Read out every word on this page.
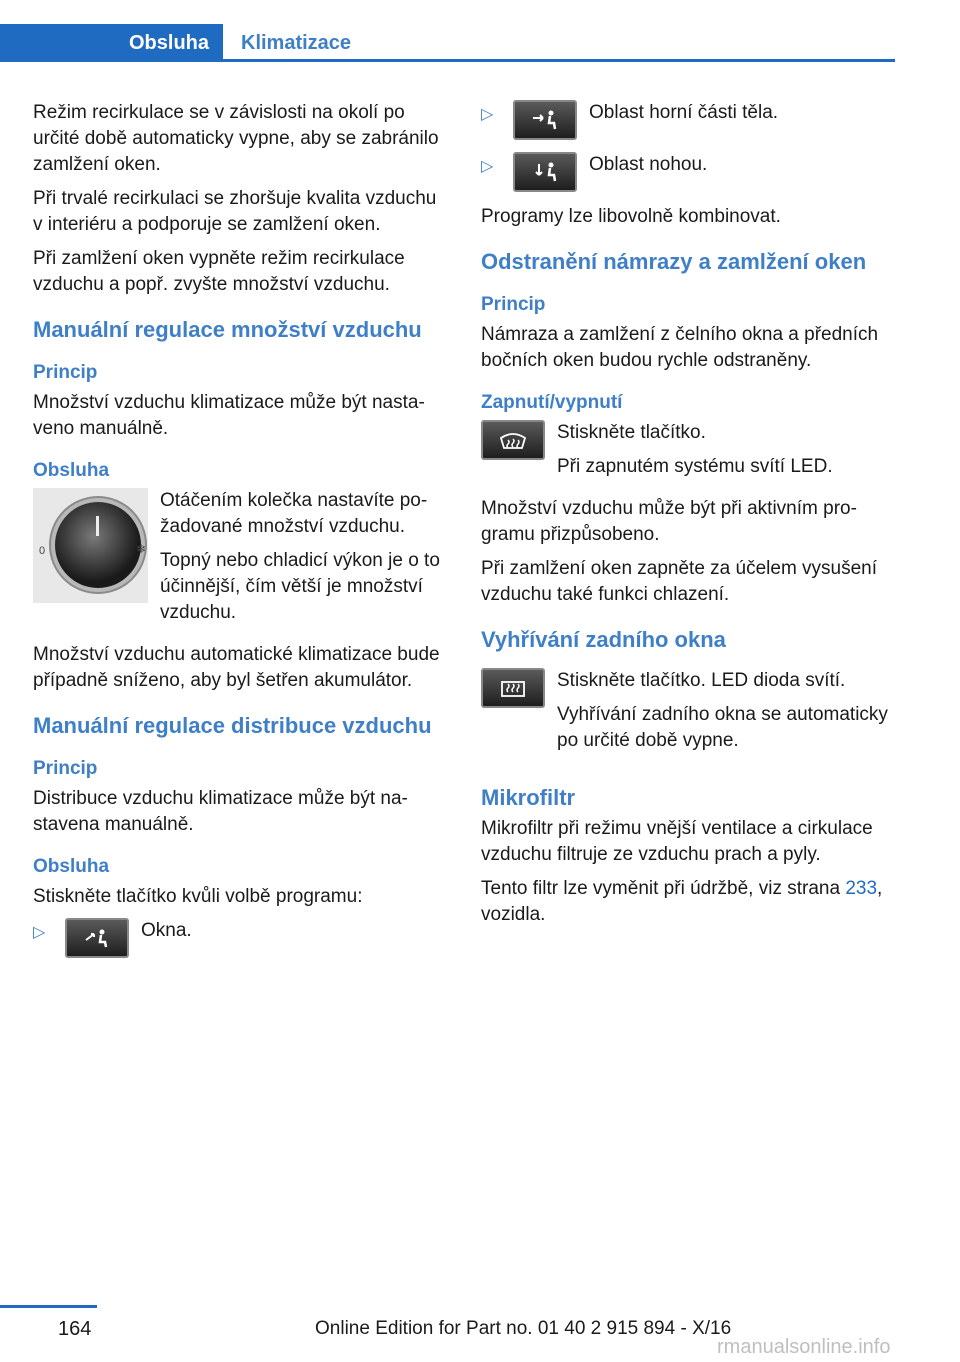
Obsluha Klimatizace

Režim recirkulace se v závislosti na okolí po určité době automaticky vypne, aby se zabránilo zamlžení oken.

Při trvalé recirkulaci se zhoršuje kvalita vzduchu v interiéru a podporuje se zamlžení oken.

Při zamlžení oken vypněte režim recirkulace vzduchu a popř. zvyšte množství vzduchu.

Manuální regulace množství vzduchu
Princip

Množství vzduchu klimatizace může být nastaveno manuálně.

Obsluha
0	❄

Otáčením kolečka nastavíte požadované množství vzduchu.

Topný nebo chladicí výkon je o to účinnější, čím větší je množství vzduchu.

Množství vzduchu automatické klimatizace bude případně sníženo, aby byl šetřen akumulátor.

Manuální regulace distribuce vzduchu
Princip

Distribuce vzduchu klimatizace může být nastavena manuálně.

Obsluha

Stiskněte tlačítko kvůli volbě programu:

▷	Okna.
▷	Oblast horní části těla.
▷	Oblast nohou.

Programy lze libovolně kombinovat.

Odstranění námrazy a zamlžení oken
Princip

Námraza a zamlžení z čelního okna a předních bočních oken budou rychle odstraněny.

Zapnutí/vypnutí

Stiskněte tlačítko.

Při zapnutém systému svítí LED.

Množství vzduchu může být při aktivním programu přizpůsobeno.

Při zamlžení oken zapněte za účelem vysušení vzduchu také funkci chlazení.

Vyhřívání zadního okna

Stiskněte tlačítko. LED dioda svítí.

Vyhřívání zadního okna se automaticky po určité době vypne.

Mikrofiltr

Mikrofiltr při režimu vnější ventilace a cirkulace vzduchu filtruje ze vzduchu prach a pyly.

Tento filtr lze vyměnit při údržbě, viz strana 233, vozidla.

164	Online Edition for Part no. 01 40 2 915 894 - X/16
rmanualsonline.info
